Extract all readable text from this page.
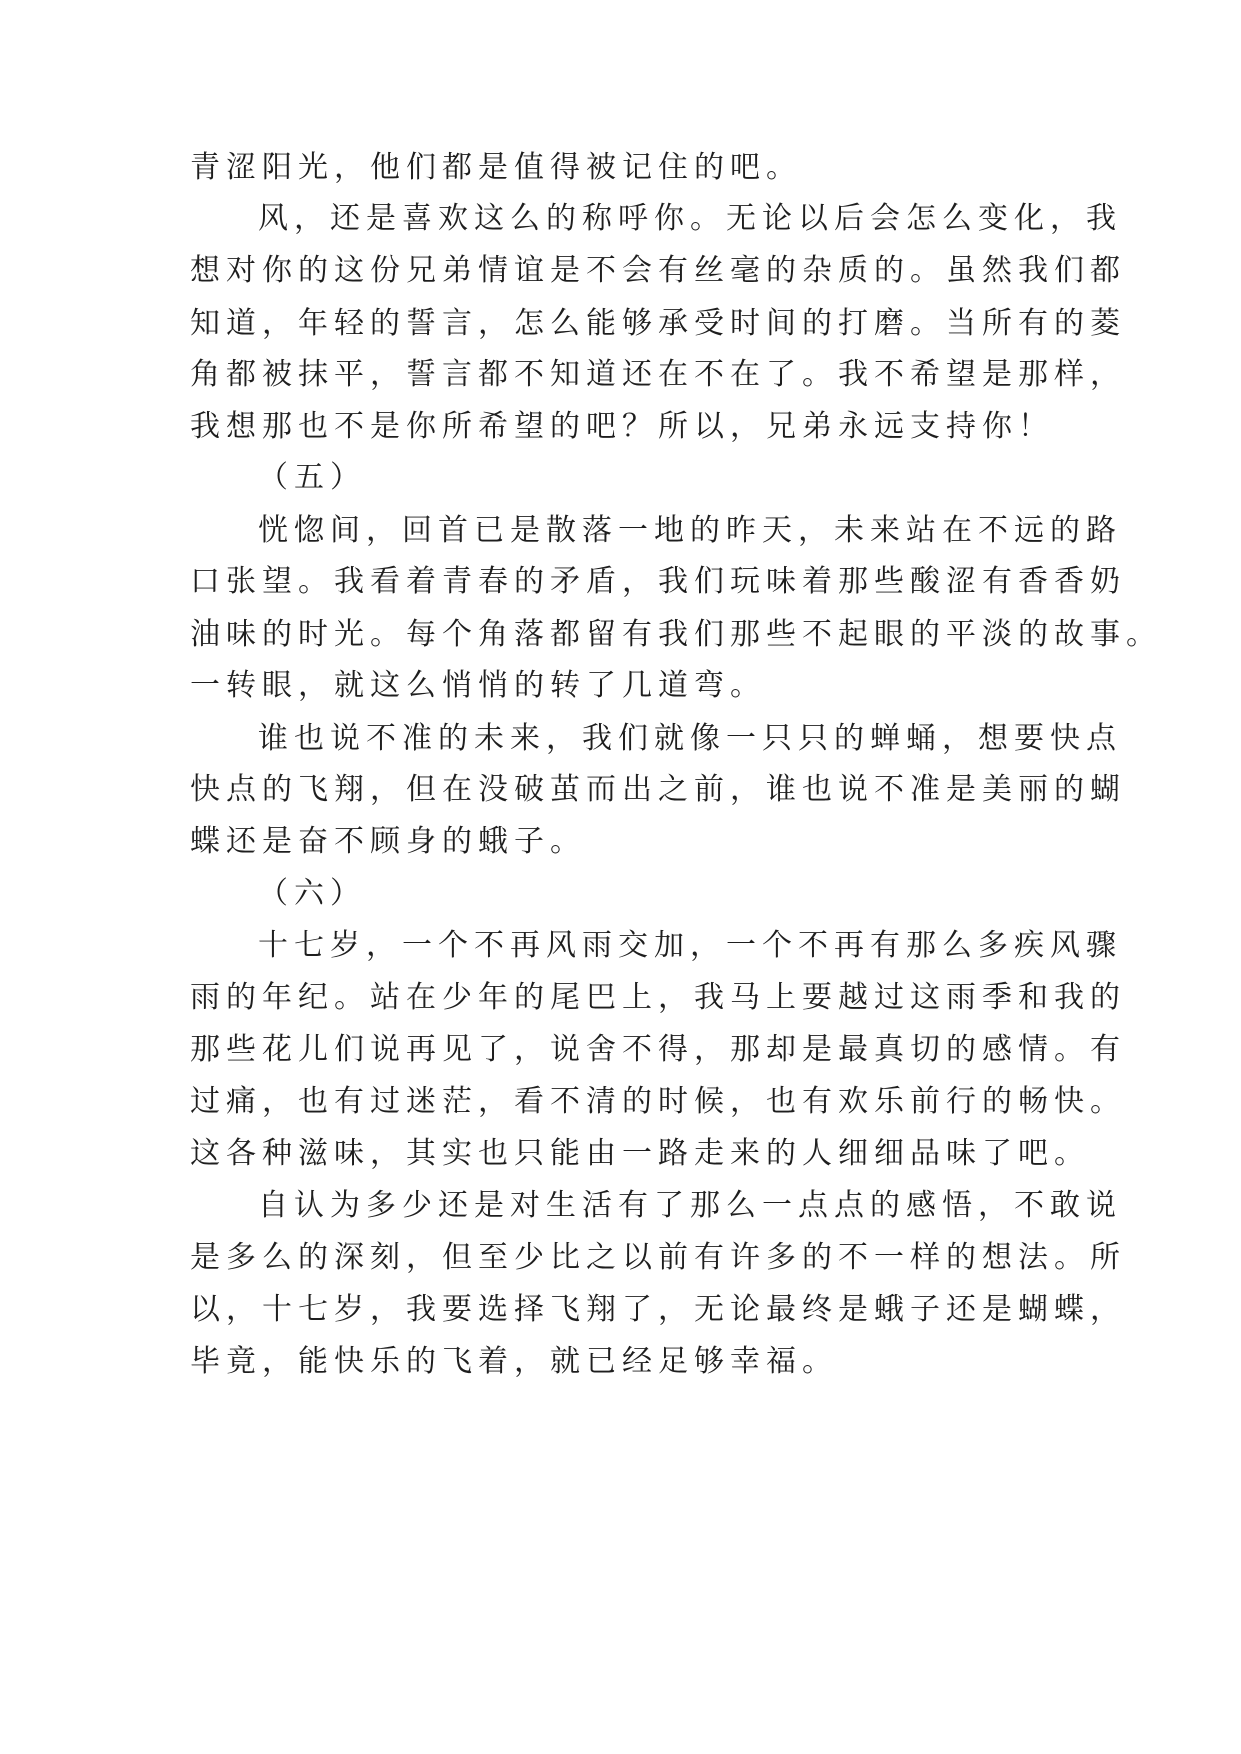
青涩阳光，他们都是值得被记住的吧。
风，还是喜欢这么的称呼你。无论以后会怎么变化，我
想对你的这份兄弟情谊是不会有丝毫的杂质的。虽然我们都
知道，年轻的誓言，怎么能够承受时间的打磨。当所有的菱
角都被抹平，誓言都不知道还在不在了。我不希望是那样，
我想那也不是你所希望的吧？所以，兄弟永远支持你！
（五）
恍惚间，回首已是散落一地的昨天，未来站在不远的路
口张望。我看着青春的矛盾，我们玩味着那些酸涩有香香奶
油味的时光。每个角落都留有我们那些不起眼的平淡的故事。
一转眼，就这么悄悄的转了几道弯。
谁也说不准的未来，我们就像一只只的蝉蛹，想要快点
快点的飞翔，但在没破茧而出之前，谁也说不准是美丽的蝴
蝶还是奋不顾身的蛾子。
（六）
十七岁，一个不再风雨交加，一个不再有那么多疾风骤
雨的年纪。站在少年的尾巴上，我马上要越过这雨季和我的
那些花儿们说再见了，说舍不得，那却是最真切的感情。有
过痛，也有过迷茫，看不清的时候，也有欢乐前行的畅快。
这各种滋味，其实也只能由一路走来的人细细品味了吧。
自认为多少还是对生活有了那么一点点的感悟，不敢说
是多么的深刻，但至少比之以前有许多的不一样的想法。所
以，十七岁，我要选择飞翔了，无论最终是蛾子还是蝴蝶，
毕竟，能快乐的飞着，就已经足够幸福。
